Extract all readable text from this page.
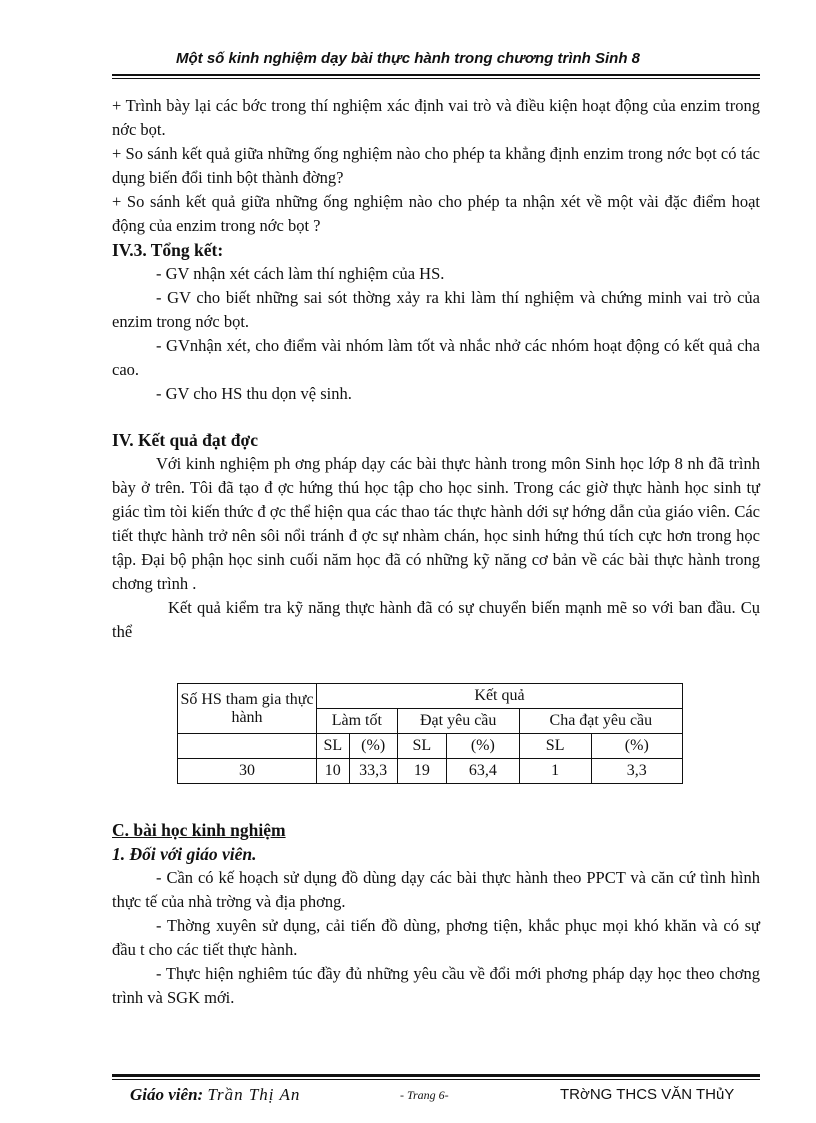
Một số kinh nghiệm dạy bài thực hành trong chương trình Sinh 8

+ Trình bày lại các bớc trong thí nghiệm xác định vai trò và điều kiện hoạt động của enzim trong nớc bọt.

+ So sánh kết quả giữa những ống nghiệm nào cho phép ta khẳng định enzim trong nớc bọt có tác dụng biến đổi tinh bột thành đờng?

+ So sánh kết quả giữa những ống nghiệm nào cho phép ta nhận xét về một vài đặc điểm hoạt động của enzim trong nớc bọt ?

IV.3. Tổng kết:

- GV nhận xét cách làm thí nghiệm của HS.

- GV cho biết những sai sót thờng xảy ra khi làm thí nghiệm và chứng minh vai trò của enzim trong nớc bọt.

- GVnhận xét, cho điểm vài nhóm làm tốt và nhắc nhở các nhóm hoạt động có kết quả cha cao.

- GV cho HS thu dọn vệ sinh.

IV. Kết quả đạt đợc

Với kinh nghiệm ph ơng pháp dạy các bài thực hành trong môn Sinh học lớp 8 nh đã trình bày ở trên. Tôi đã tạo đ ợc hứng thú học tập cho học sinh. Trong các giờ thực hành học sinh tự giác tìm tòi kiến thức đ ợc thể hiện qua các thao tác thực hành dới sự hớng dẫn của giáo viên. Các tiết thực hành trở nên sôi nổi tránh đ ợc sự nhàm chán, học sinh hứng thú tích cực hơn trong học tập. Đại bộ phận học sinh cuối năm học đã có những kỹ năng cơ bản về các bài thực hành trong chơng trình .

Kết quả kiểm tra kỹ năng thực hành đã có sự chuyển biến mạnh mẽ so với ban đầu. Cụ thể

Số HS tham gia thực hành	Kết quả					
	Làm tốt		Đạt yêu cầu		Cha đạt yêu cầu	
	SL	(%)	SL	(%)	SL	(%)
30	10	33,3	19	63,4	1	3,3

C. bài học kinh nghiệm

1. Đối với giáo viên.

- Cần có kế hoạch sử dụng đồ dùng dạy các bài thực hành theo PPCT và căn cứ tình hình thực tế của nhà trờng và địa phơng.

- Thờng xuyên sử dụng, cải tiến đồ dùng, phơng tiện, khắc phục mọi khó khăn và có sự đầu t cho các tiết thực hành.

- Thực hiện nghiêm túc đầy đủ những yêu cầu về đổi mới phơng pháp dạy học theo chơng trình và SGK mới.

Giáo viên: Trần Thị An	- Trang 6-	TRờNG THCS VĂN THủY
